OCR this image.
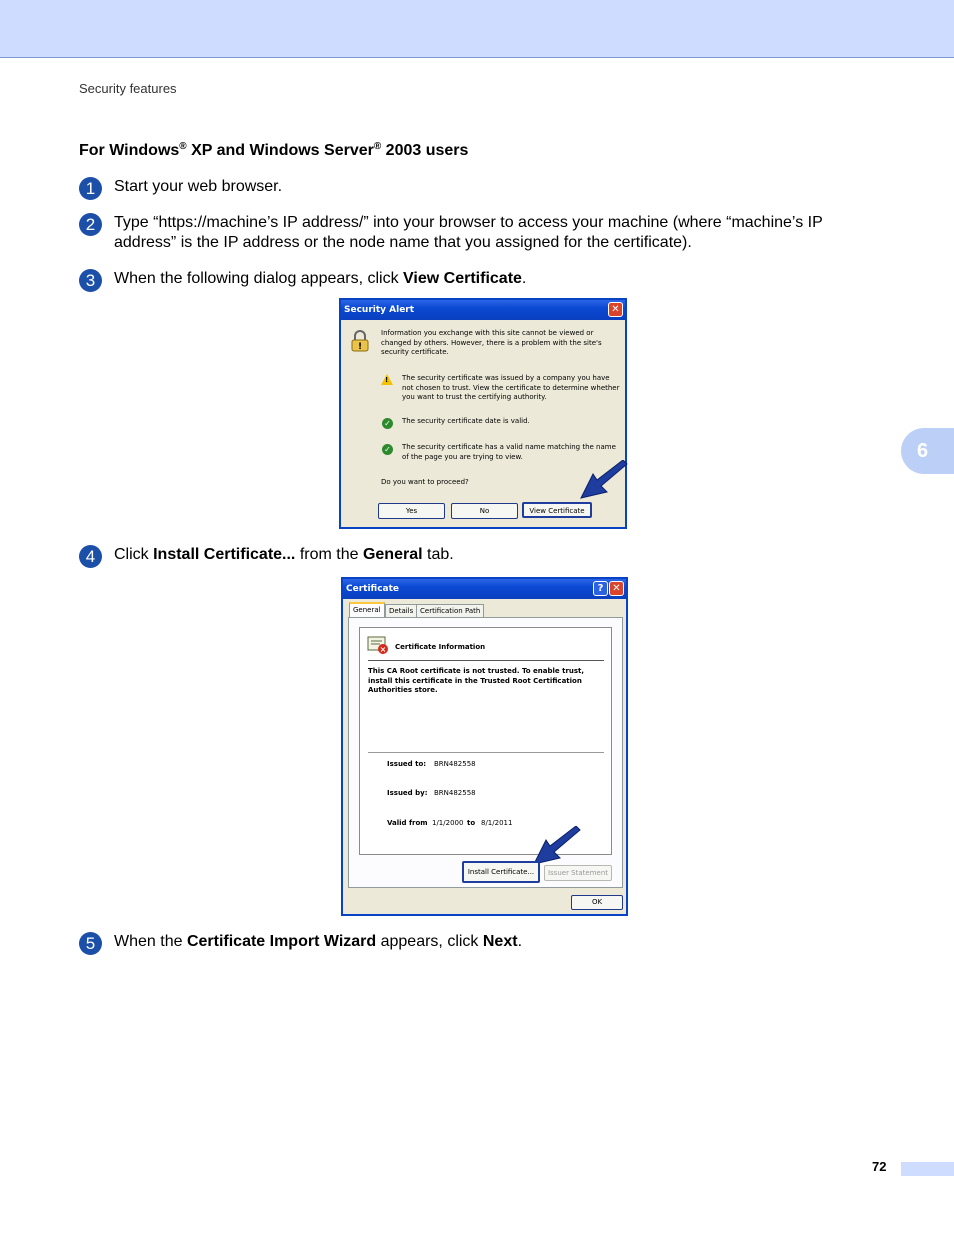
Security features
6
For Windows® XP and Windows Server® 2003 users
1	Start your web browser.
2	Type “https://machine’s IP address/” into your browser to access your machine (where “machine’s IP address” is the IP address or the node name that you assigned for the certificate).
3	When the following dialog appears, click View Certificate.
Security Alert	✕
!
Information you exchange with this site cannot be viewed or changed by others. However, there is a problem with the site's security certificate.
! The security certificate was issued by a company you have not chosen to trust. View the certificate to determine whether you want to trust the certifying authority.
✓	The security certificate date is valid.
✓	The security certificate has a valid name matching the name of the page you are trying to view.
Do you want to proceed?
Yes	No	View Certificate
4	Click Install Certificate... from the General tab.
Certificate	? ✕
General	Details Certification Path
× Certificate Information
This CA Root certificate is not trusted. To enable trust, install this certificate in the Trusted Root Certification Authorities store.
Issued to: BRN482558
Issued by: BRN482558
Valid from 1/1/2000 to 8/1/2011
Install Certificate...	Issuer Statement
OK
5	When the Certificate Import Wizard appears, click Next.
72
